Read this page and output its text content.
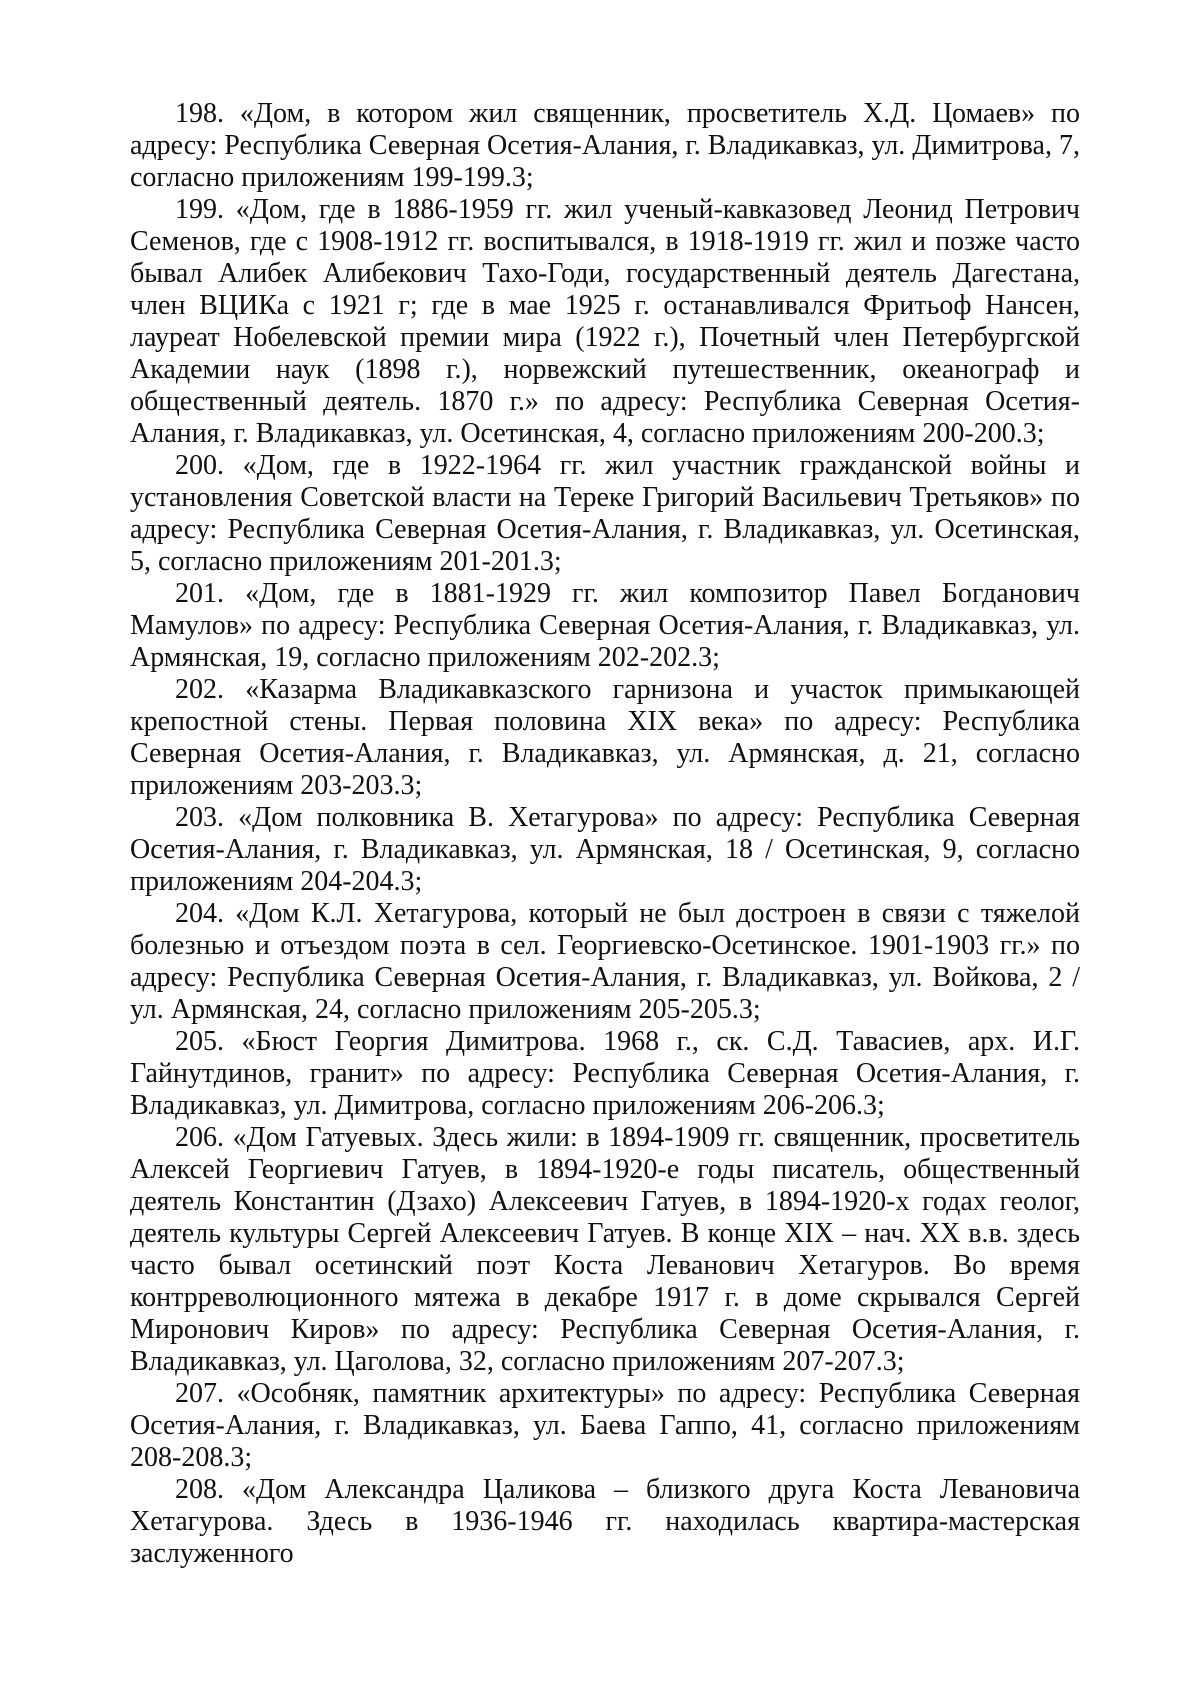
198. «Дом, в котором жил священник, просветитель Х.Д. Цомаев» по адресу: Республика Северная Осетия-Алания, г. Владикавказ, ул. Димитрова, 7, согласно приложениям 199-199.3;

199. «Дом, где в 1886-1959 гг. жил ученый-кавказовед Леонид Петрович Семенов, где с 1908-1912 гг. воспитывался, в 1918-1919 гг. жил и позже часто бывал Алибек Алибекович Тахо-Годи, государственный деятель Дагестана, член ВЦИКа с 1921 г; где в мае 1925 г. останавливался Фритьоф Нансен, лауреат Нобелевской премии мира (1922 г.), Почетный член Петербургской Академии наук (1898 г.), норвежский путешественник, океанограф и общественный деятель. 1870 г.» по адресу: Республика Северная Осетия-Алания, г. Владикавказ, ул. Осетинская, 4, согласно приложениям 200-200.3;

200. «Дом, где в 1922-1964 гг. жил участник гражданской войны и установления Советской власти на Тереке Григорий Васильевич Третьяков» по адресу: Республика Северная Осетия-Алания, г. Владикавказ, ул. Осетинская, 5, согласно приложениям 201-201.3;

201. «Дом, где в 1881-1929 гг. жил композитор Павел Богданович Мамулов» по адресу: Республика Северная Осетия-Алания, г. Владикавказ, ул. Армянская, 19, согласно приложениям 202-202.3;

202. «Казарма Владикавказского гарнизона и участок примыкающей крепостной стены. Первая половина XIX века» по адресу: Республика Северная Осетия-Алания, г. Владикавказ, ул. Армянская, д. 21, согласно приложениям 203-203.3;

203. «Дом полковника В. Хетагурова» по адресу: Республика Северная Осетия-Алания, г. Владикавказ, ул. Армянская, 18 / Осетинская, 9, согласно приложениям 204-204.3;

204. «Дом К.Л. Хетагурова, который не был достроен в связи с тяжелой болезнью и отъездом поэта в сел. Георгиевско-Осетинское. 1901-1903 гг.» по адресу: Республика Северная Осетия-Алания, г. Владикавказ, ул. Войкова, 2 / ул. Армянская, 24, согласно приложениям 205-205.3;

205. «Бюст Георгия Димитрова. 1968 г., ск. С.Д. Тавасиев, арх. И.Г. Гайнутдинов, гранит» по адресу: Республика Северная Осетия-Алания, г. Владикавказ, ул. Димитрова, согласно приложениям 206-206.3;

206. «Дом Гатуевых. Здесь жили: в 1894-1909 гг. священник, просветитель Алексей Георгиевич Гатуев, в 1894-1920-е годы писатель, общественный деятель Константин (Дзахо) Алексеевич Гатуев, в 1894-1920-х годах геолог, деятель культуры Сергей Алексеевич Гатуев. В конце XIX – нач. XX в.в. здесь часто бывал осетинский поэт Коста Леванович Хетагуров. Во время контрреволюционного мятежа в декабре 1917 г. в доме скрывался Сергей Миронович Киров» по адресу: Республика Северная Осетия-Алания, г. Владикавказ, ул. Цаголова, 32, согласно приложениям 207-207.3;

207. «Особняк, памятник архитектуры» по адресу: Республика Северная Осетия-Алания, г. Владикавказ, ул. Баева Гаппо, 41, согласно приложениям 208-208.3;

208. «Дом Александра Цаликова – близкого друга Коста Левановича Хетагурова. Здесь в 1936-1946 гг. находилась квартира-мастерская заслуженного
